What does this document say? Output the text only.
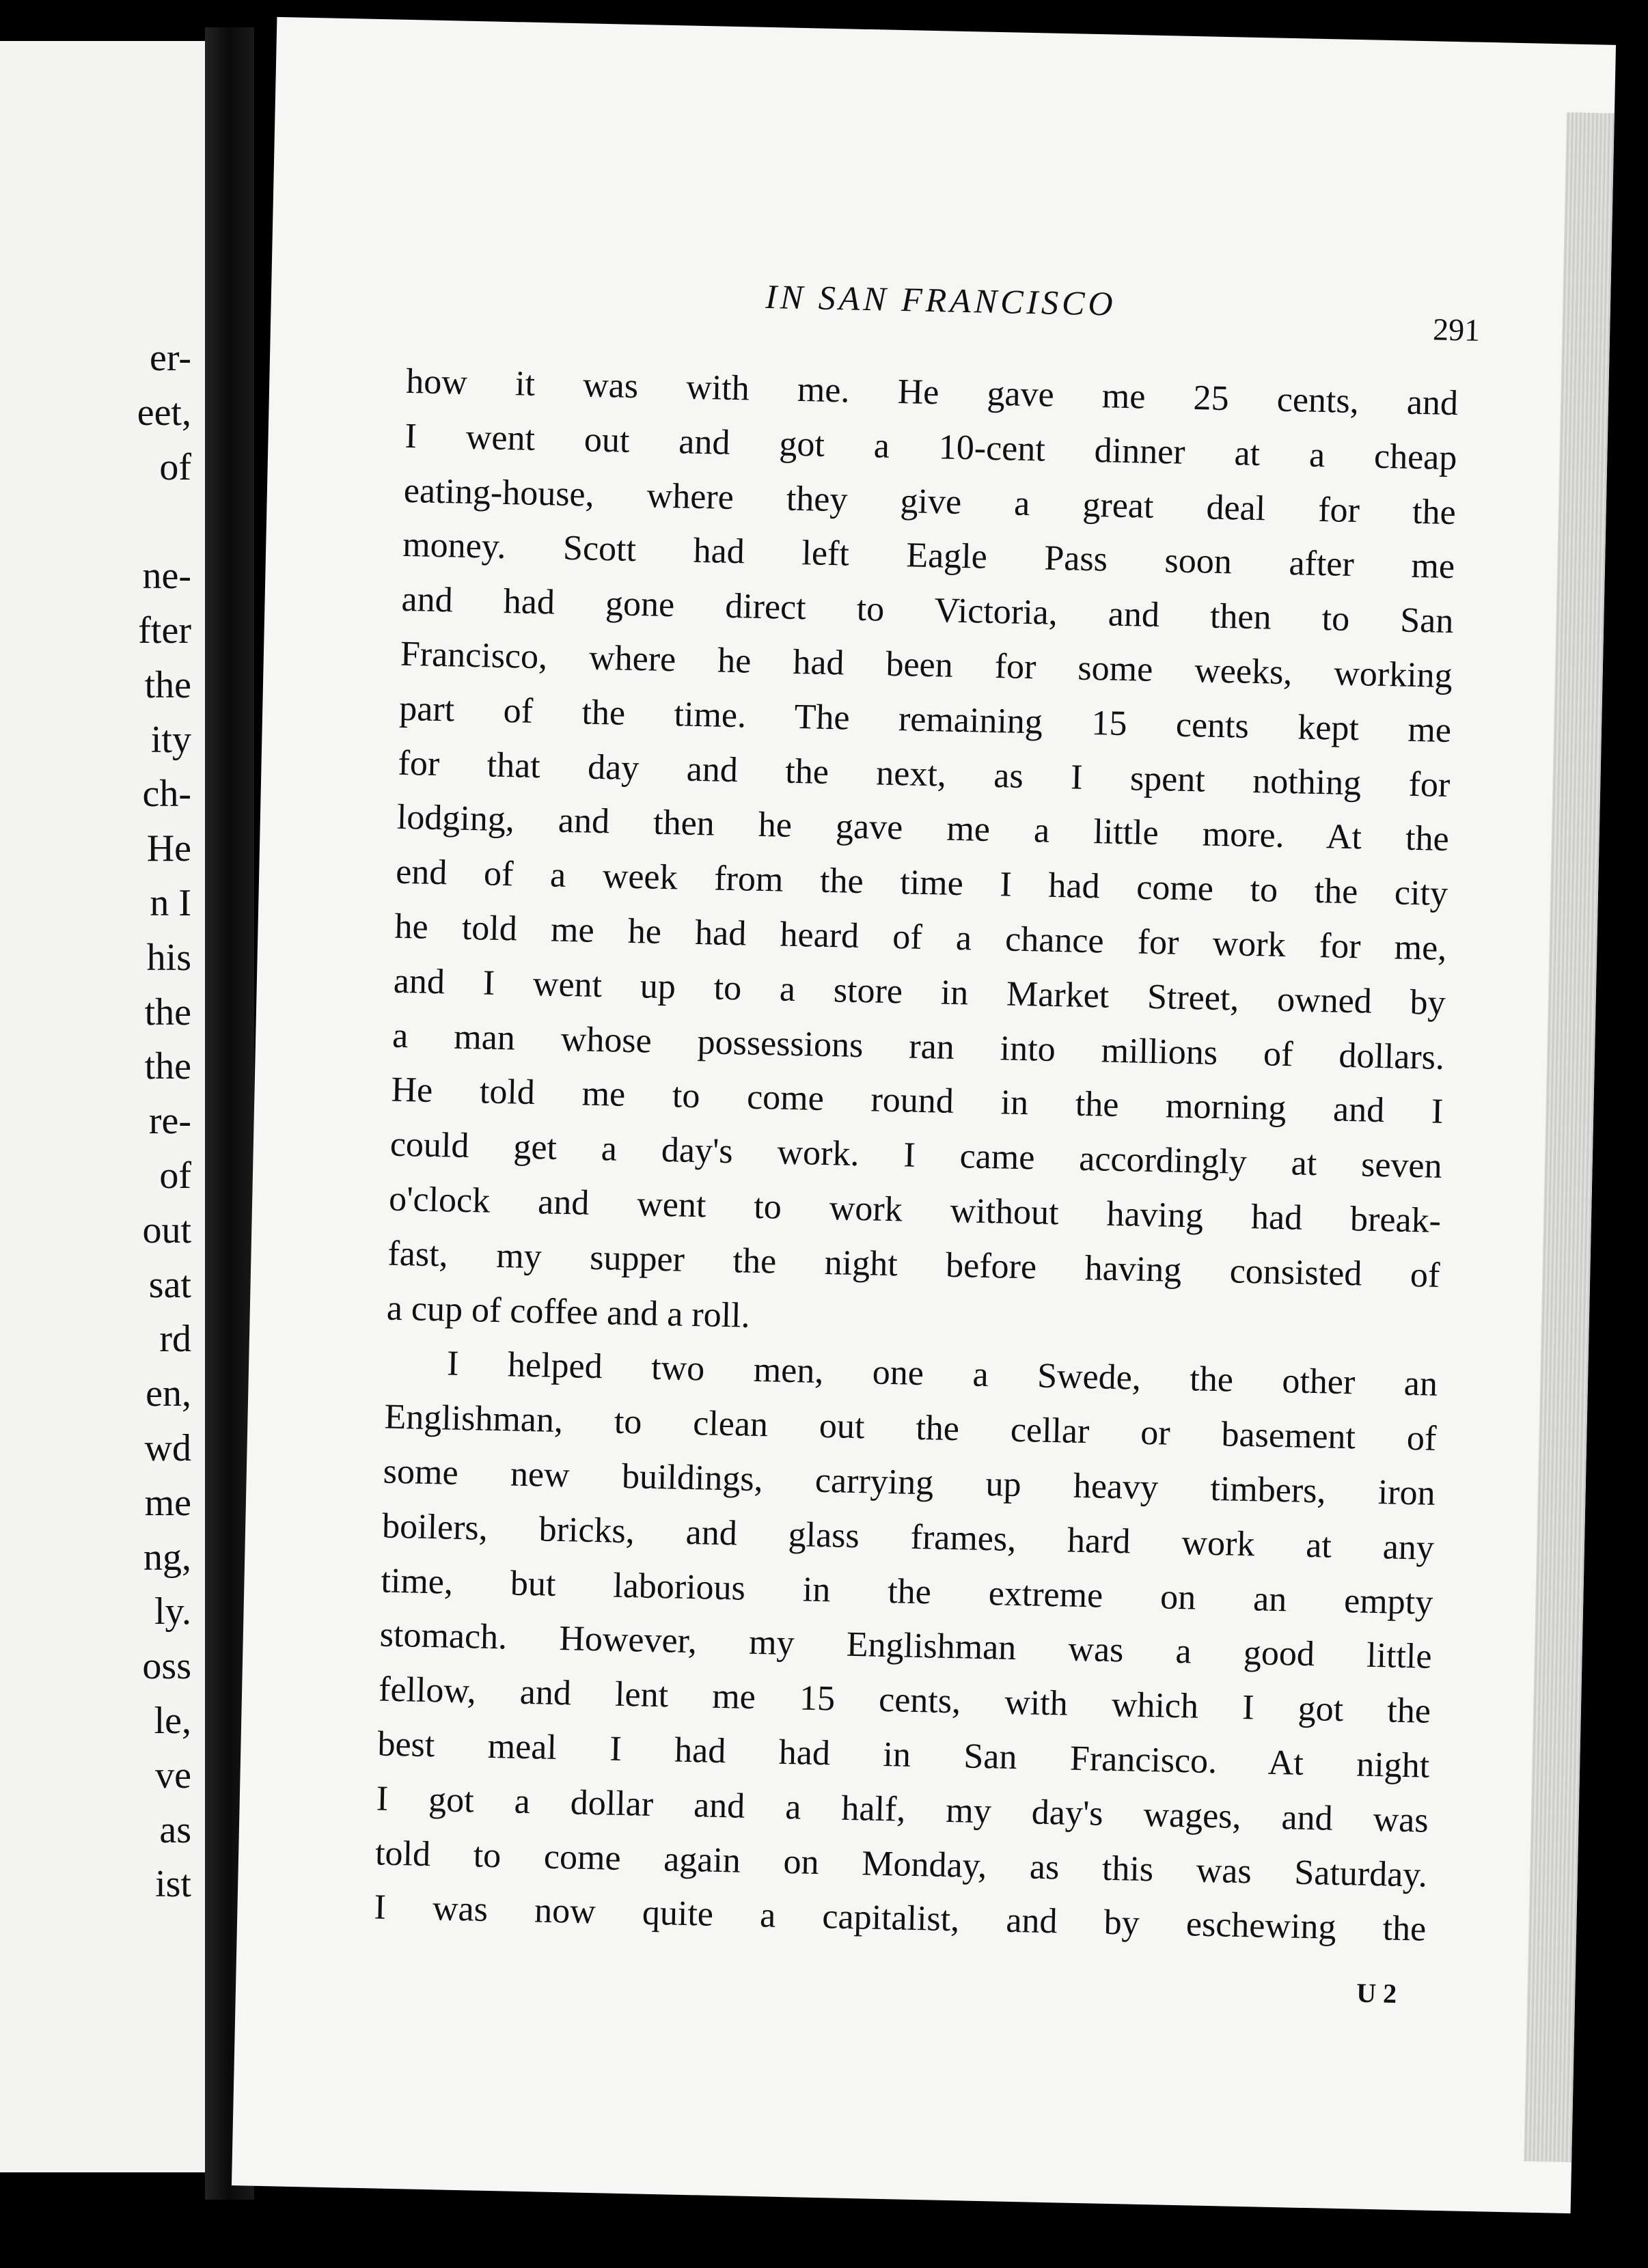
er-
eet,
of

ne-
fter
the
ity
ch-
He
n I
his
the
the
re-
of
out
sat
rd
en,
wd
me
ng,
ly.
oss
le,
ve
as
ist
IN SAN FRANCISCO
291
how it was with me. He gave me 25 cents, and
I went out and got a 10-cent dinner at a cheap
eating-house, where they give a great deal for the
money. Scott had left Eagle Pass soon after me
and had gone direct to Victoria, and then to San
Francisco, where he had been for some weeks, working
part of the time. The remaining 15 cents kept me
for that day and the next, as I spent nothing for
lodging, and then he gave me a little more. At the
end of a week from the time I had come to the city
he told me he had heard of a chance for work for me,
and I went up to a store in Market Street, owned by
a man whose possessions ran into millions of dollars.
He told me to come round in the morning and I
could get a day's work. I came accordingly at seven
o'clock and went to work without having had break-
fast, my supper the night before having consisted of
a cup of coffee and a roll.
I helped two men, one a Swede, the other an
Englishman, to clean out the cellar or basement of
some new buildings, carrying up heavy timbers, iron
boilers, bricks, and glass frames, hard work at any
time, but laborious in the extreme on an empty
stomach. However, my Englishman was a good little
fellow, and lent me 15 cents, with which I got the
best meal I had had in San Francisco. At night
I got a dollar and a half, my day's wages, and was
told to come again on Monday, as this was Saturday.
I was now quite a capitalist, and by eschewing the
U 2
